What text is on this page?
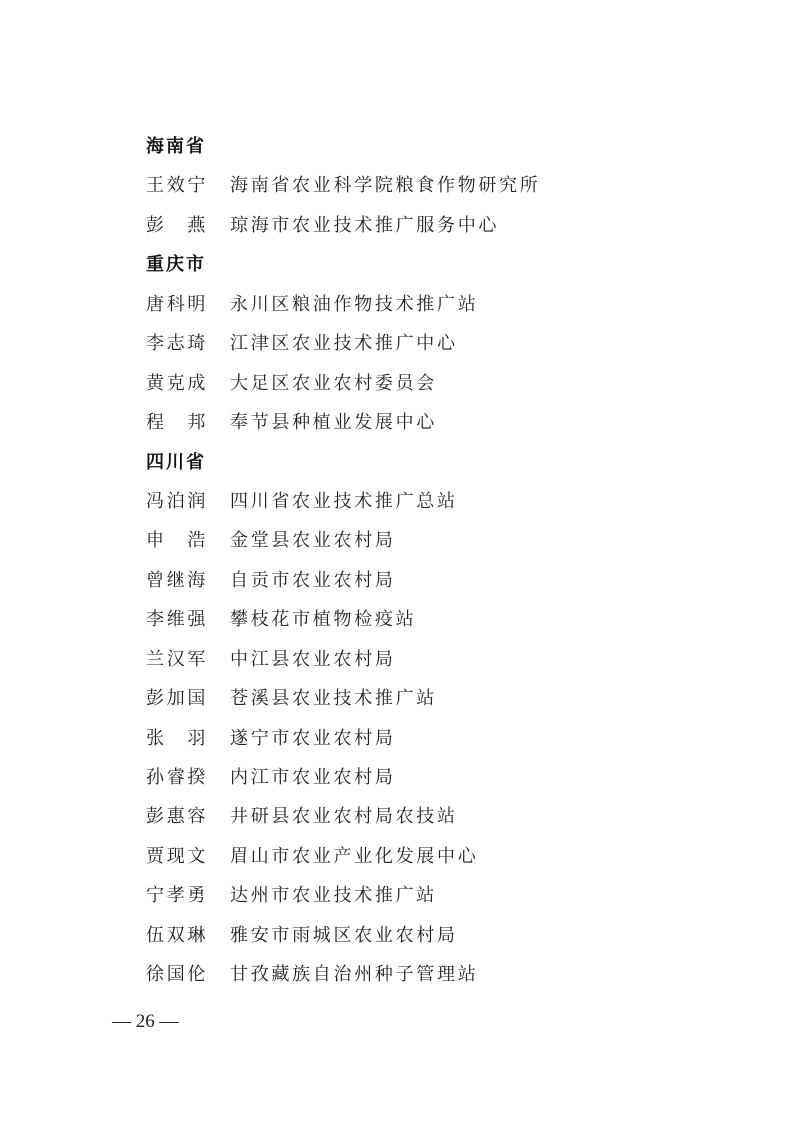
海南省
王效宁 海南省农业科学院粮食作物研究所
彭　燕 琼海市农业技术推广服务中心
重庆市
唐科明 永川区粮油作物技术推广站
李志琦 江津区农业技术推广中心
黄克成 大足区农业农村委员会
程　邦 奉节县种植业发展中心
四川省
冯泊润 四川省农业技术推广总站
申　浩 金堂县农业农村局
曾继海 自贡市农业农村局
李维强 攀枝花市植物检疫站
兰汉军 中江县农业农村局
彭加国 苍溪县农业技术推广站
张　羽 遂宁市农业农村局
孙睿揆 内江市农业农村局
彭惠容 井研县农业农村局农技站
贾现文 眉山市农业产业化发展中心
宁孝勇 达州市农业技术推广站
伍双琳 雅安市雨城区农业农村局
徐国伦 甘孜藏族自治州种子管理站
— 26 —
